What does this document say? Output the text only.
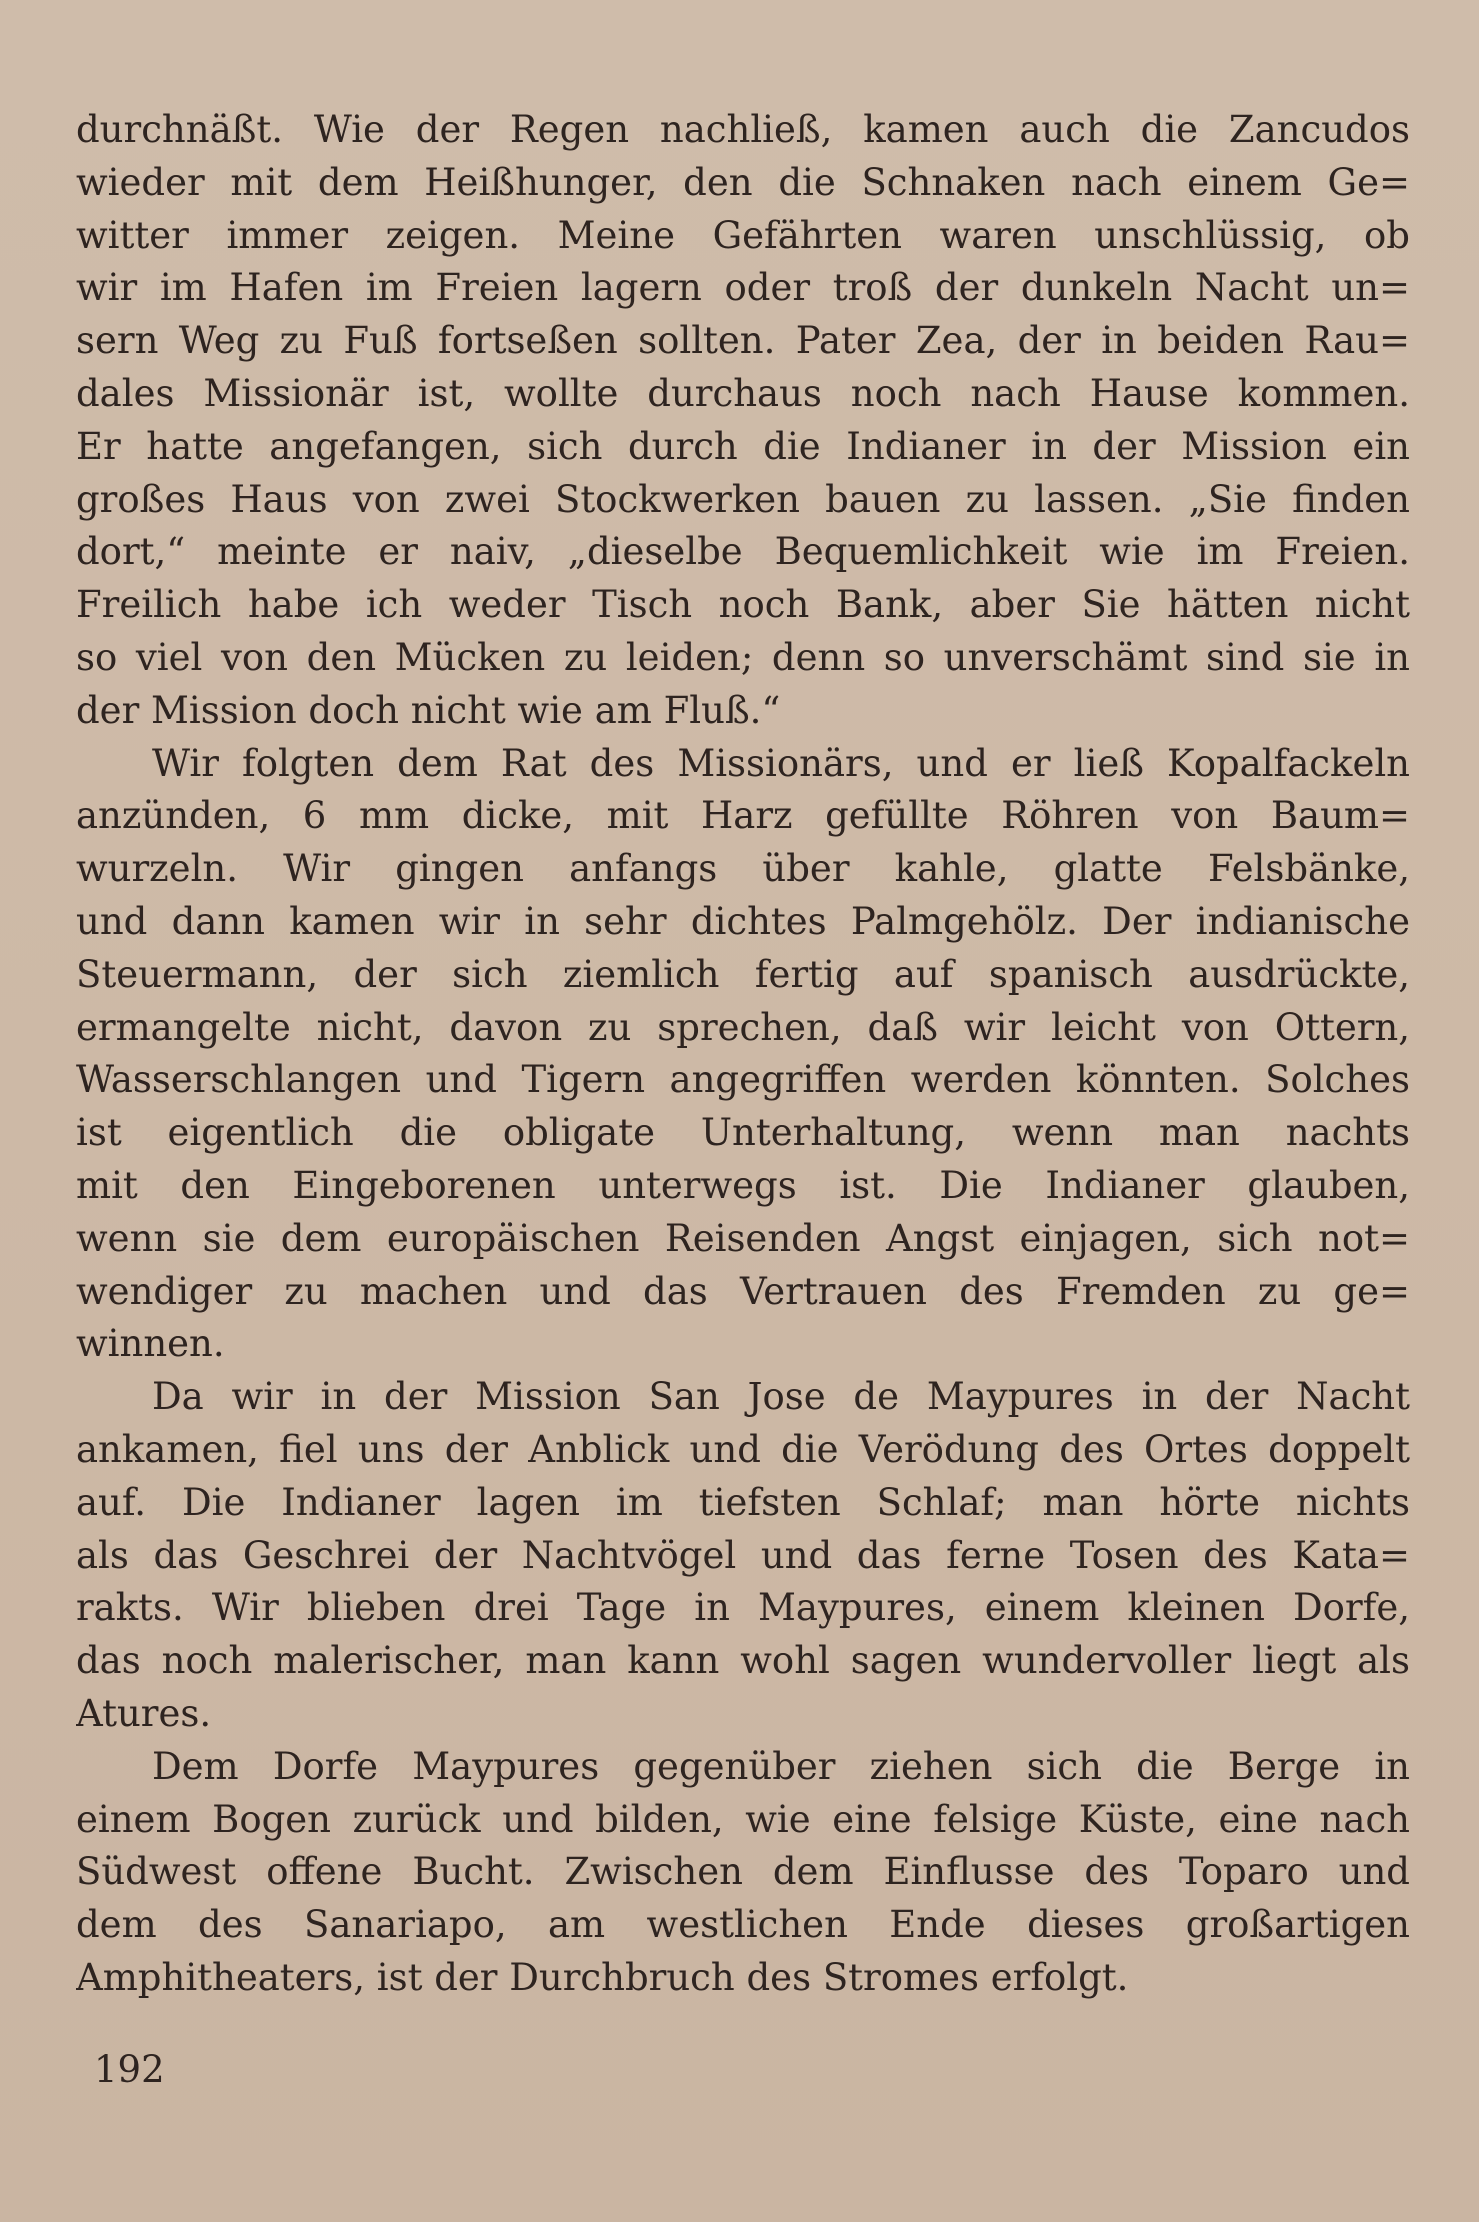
durchnäßt. Wie der Regen nachließ, kamen auch die Zancudos
wieder mit dem Heißhunger, den die Schnaken nach einem Ge=
witter immer zeigen. Meine Gefährten waren unschlüssig, ob
wir im Hafen im Freien lagern oder troß der dunkeln Nacht un=
sern Weg zu Fuß fortseßen sollten. Pater Zea, der in beiden Rau=
dales Missionär ist, wollte durchaus noch nach Hause kommen.
Er hatte angefangen, sich durch die Indianer in der Mission ein
großes Haus von zwei Stockwerken bauen zu lassen. „Sie finden
dort,“ meinte er naiv, „dieselbe Bequemlichkeit wie im Freien.
Freilich habe ich weder Tisch noch Bank, aber Sie hätten nicht
so viel von den Mücken zu leiden; denn so unverschämt sind sie in
der Mission doch nicht wie am Fluß.“
Wir folgten dem Rat des Missionärs, und er ließ Kopalfackeln
anzünden, 6 mm dicke, mit Harz gefüllte Röhren von Baum=
wurzeln. Wir gingen anfangs über kahle, glatte Felsbänke,
und dann kamen wir in sehr dichtes Palmgehölz. Der indianische
Steuermann, der sich ziemlich fertig auf spanisch ausdrückte,
ermangelte nicht, davon zu sprechen, daß wir leicht von Ottern,
Wasserschlangen und Tigern angegriffen werden könnten. Solches
ist eigentlich die obligate Unterhaltung, wenn man nachts
mit den Eingeborenen unterwegs ist. Die Indianer glauben,
wenn sie dem europäischen Reisenden Angst einjagen, sich not=
wendiger zu machen und das Vertrauen des Fremden zu ge=
winnen.
Da wir in der Mission San Jose de Maypures in der Nacht
ankamen, fiel uns der Anblick und die Verödung des Ortes doppelt
auf. Die Indianer lagen im tiefsten Schlaf; man hörte nichts
als das Geschrei der Nachtvögel und das ferne Tosen des Kata=
rakts. Wir blieben drei Tage in Maypures, einem kleinen Dorfe,
das noch malerischer, man kann wohl sagen wundervoller liegt als
Atures.
Dem Dorfe Maypures gegenüber ziehen sich die Berge in
einem Bogen zurück und bilden, wie eine felsige Küste, eine nach
Südwest offene Bucht. Zwischen dem Einflusse des Toparo und
dem des Sanariapo, am westlichen Ende dieses großartigen
Amphitheaters, ist der Durchbruch des Stromes erfolgt.
192
